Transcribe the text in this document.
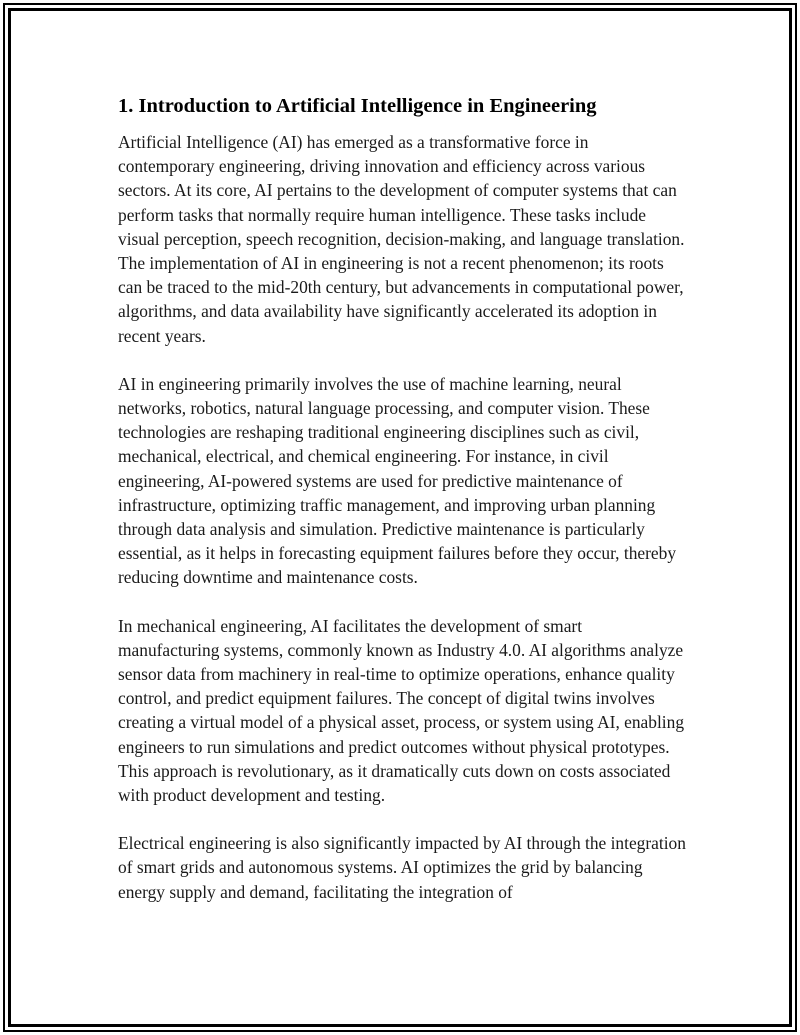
1. Introduction to Artificial Intelligence in Engineering

Artificial Intelligence (AI) has emerged as a transformative force in contemporary engineering, driving innovation and efficiency across various sectors. At its core, AI pertains to the development of computer systems that can perform tasks that normally require human intelligence. These tasks include visual perception, speech recognition, decision-making, and language translation. The implementation of AI in engineering is not a recent phenomenon; its roots can be traced to the mid-20th century, but advancements in computational power, algorithms, and data availability have significantly accelerated its adoption in recent years.

AI in engineering primarily involves the use of machine learning, neural networks, robotics, natural language processing, and computer vision. These technologies are reshaping traditional engineering disciplines such as civil, mechanical, electrical, and chemical engineering. For instance, in civil engineering, AI-powered systems are used for predictive maintenance of infrastructure, optimizing traffic management, and improving urban planning through data analysis and simulation. Predictive maintenance is particularly essential, as it helps in forecasting equipment failures before they occur, thereby reducing downtime and maintenance costs.

In mechanical engineering, AI facilitates the development of smart manufacturing systems, commonly known as Industry 4.0. AI algorithms analyze sensor data from machinery in real-time to optimize operations, enhance quality control, and predict equipment failures. The concept of digital twins involves creating a virtual model of a physical asset, process, or system using AI, enabling engineers to run simulations and predict outcomes without physical prototypes. This approach is revolutionary, as it dramatically cuts down on costs associated with product development and testing.

Electrical engineering is also significantly impacted by AI through the integration of smart grids and autonomous systems. AI optimizes the grid by balancing energy supply and demand, facilitating the integration of
